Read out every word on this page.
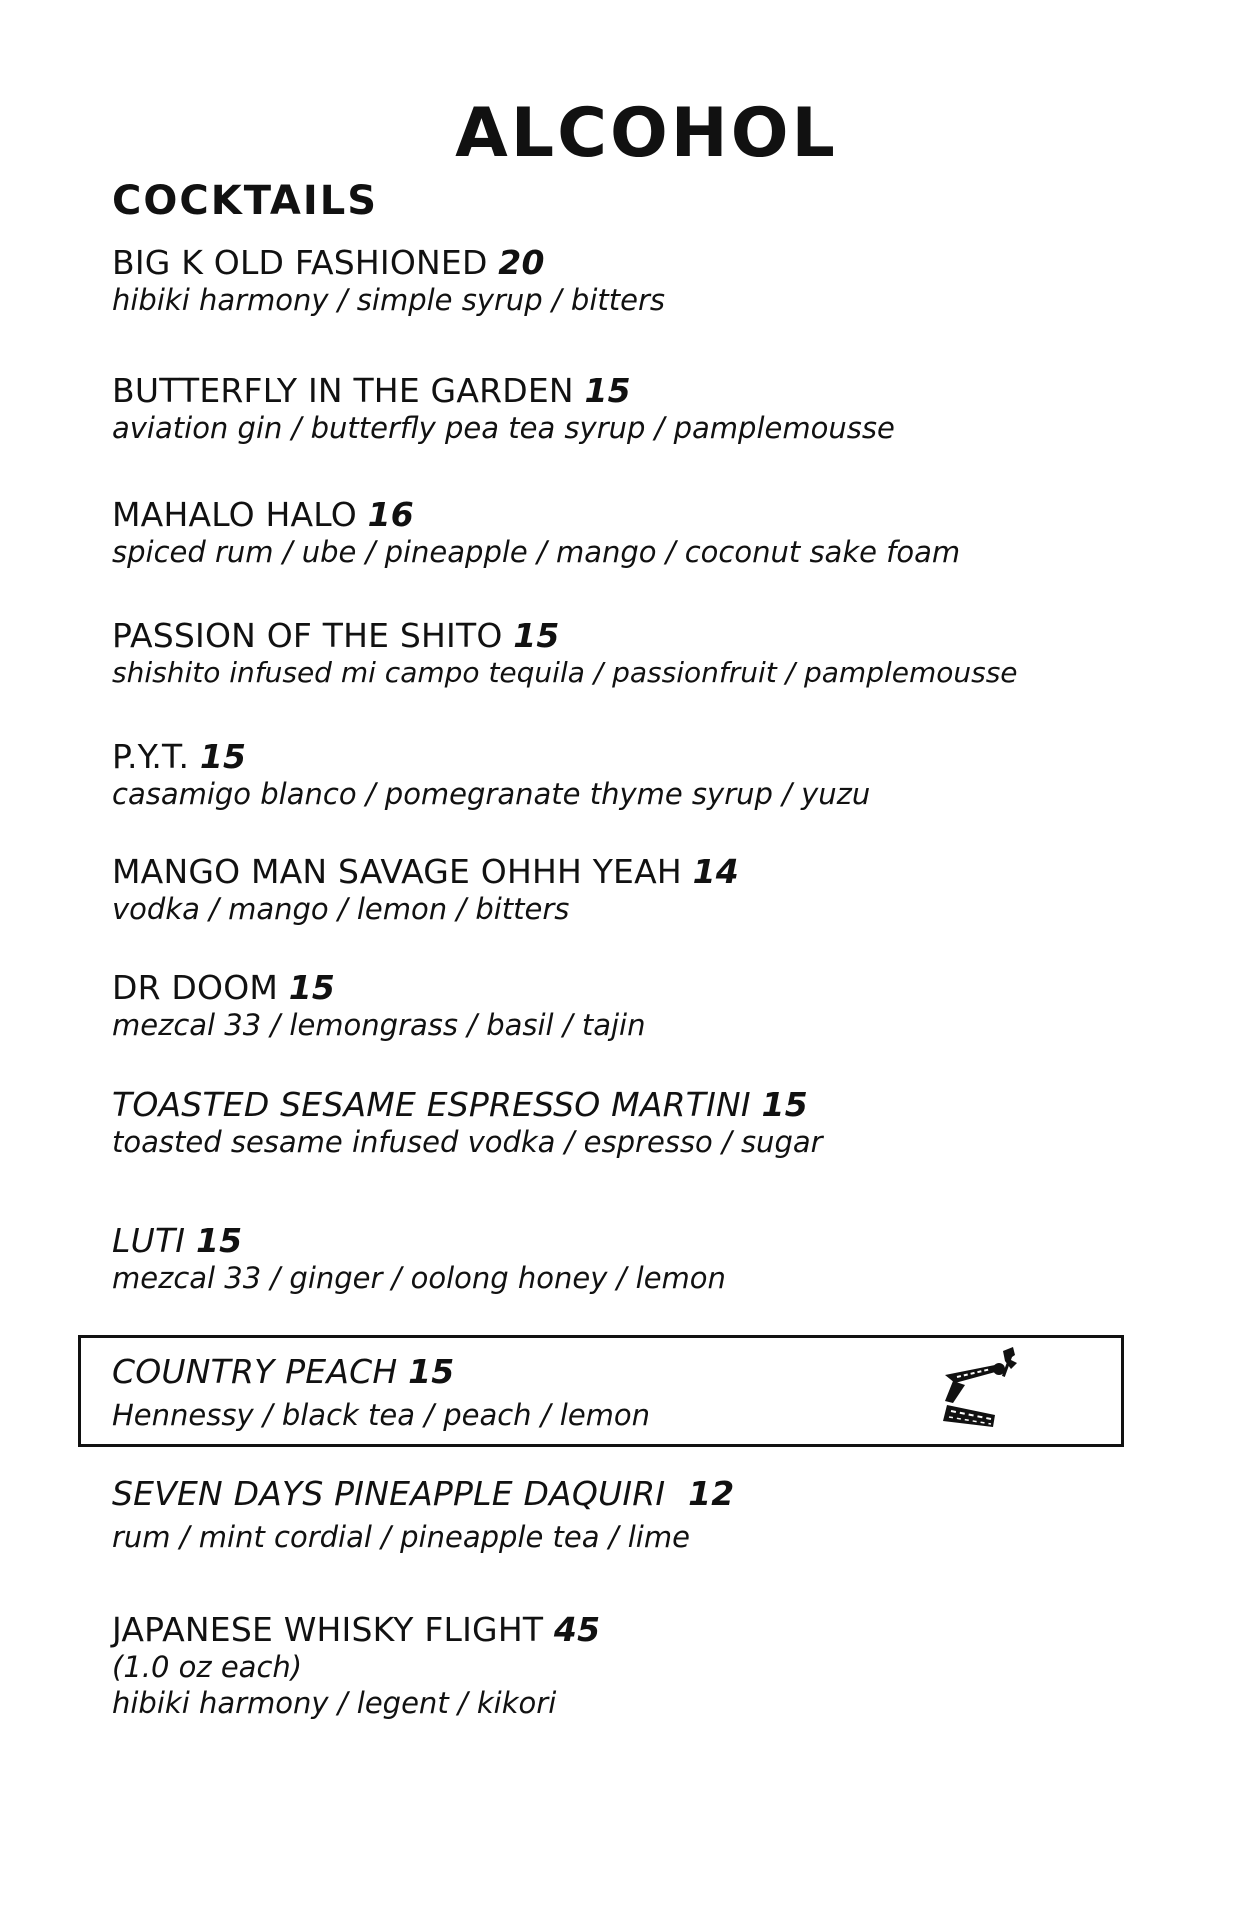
ALCOHOL
COCKTAILS
BIG K OLD FASHIONED 20
hibiki harmony / simple syrup / bitters
BUTTERFLY IN THE GARDEN 15
aviation gin / butterfly pea tea syrup / pamplemousse
MAHALO HALO 16
spiced rum / ube / pineapple / mango / coconut sake foam
PASSION OF THE SHITO 15
shishito infused mi campo tequila / passionfruit / pamplemousse
P.Y.T. 15
casamigo blanco / pomegranate thyme syrup / yuzu
MANGO MAN SAVAGE OHHH YEAH 14
vodka / mango / lemon / bitters
DR DOOM 15
mezcal 33 / lemongrass / basil / tajin
TOASTED SESAME ESPRESSO MARTINI 15
toasted sesame infused vodka / espresso / sugar
LUTI 15
mezcal 33 / ginger / oolong honey / lemon
COUNTRY PEACH 15
Hennessy / black tea / peach / lemon
SEVEN DAYS PINEAPPLE DAQUIRI 12
rum / mint cordial / pineapple tea / lime
JAPANESE WHISKY FLIGHT 45
(1.0 oz each)
hibiki harmony / legent / kikori
